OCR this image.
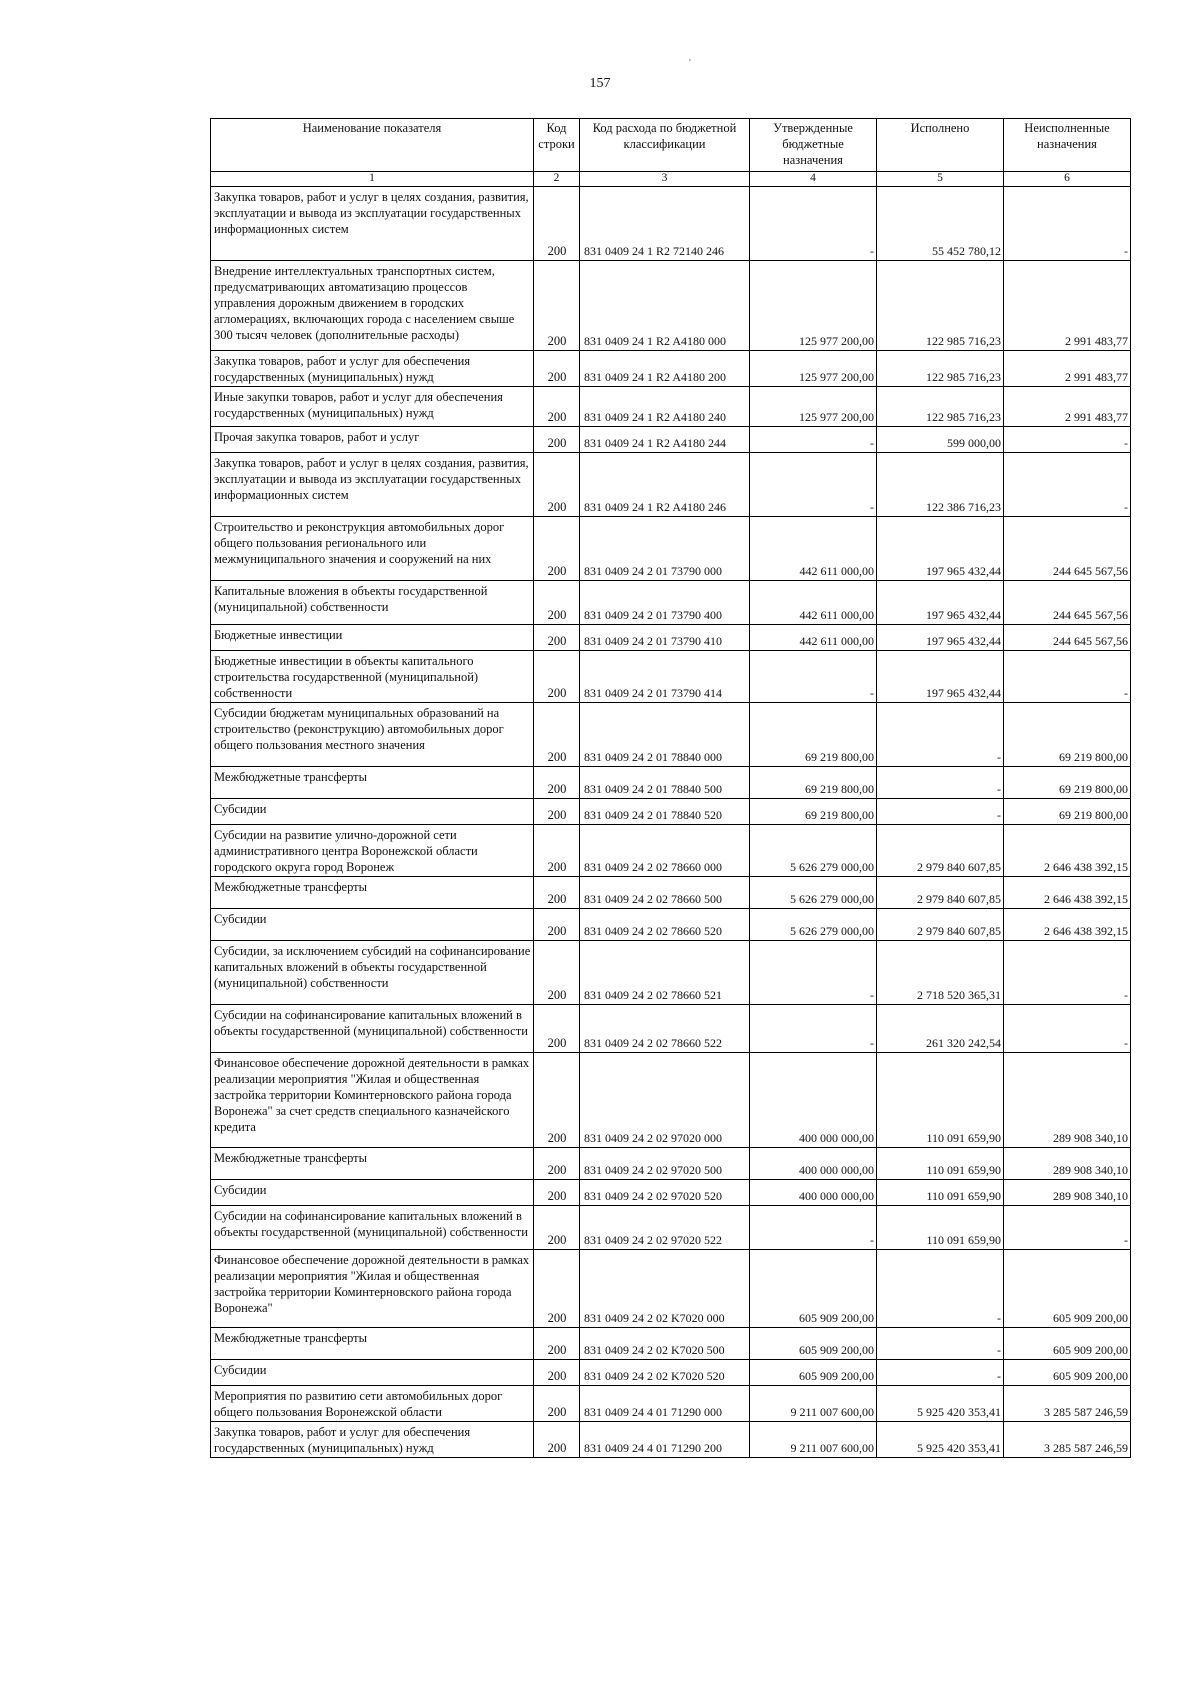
'
157
Наименование показателя	Код строки	Код расхода по бюджетной классификации	Утвержденные бюджетные назначения	Исполнено	Неисполненные назначения
1	2	3	4	5	6
Закупка товаров, работ и услуг в целях создания, развития, эксплуатации и вывода из эксплуатации государственных информационных систем	200	831 0409 24 1 R2 72140 246	-	55 452 780,12	-
Внедрение интеллектуальных транспортных систем, предусматривающих автоматизацию процессов управления дорожным движением в городских агломерациях, включающих города с населением свыше 300 тысяч человек (дополнительные расходы)	200	831 0409 24 1 R2 A4180 000	125 977 200,00	122 985 716,23	2 991 483,77
Закупка товаров, работ и услуг для обеспечения государственных (муниципальных) нужд	200	831 0409 24 1 R2 A4180 200	125 977 200,00	122 985 716,23	2 991 483,77
Иные закупки товаров, работ и услуг для обеспечения государственных (муниципальных) нужд	200	831 0409 24 1 R2 A4180 240	125 977 200,00	122 985 716,23	2 991 483,77
Прочая закупка товаров, работ и услуг	200	831 0409 24 1 R2 A4180 244	-	599 000,00	-
Закупка товаров, работ и услуг в целях создания, развития, эксплуатации и вывода из эксплуатации государственных информационных систем	200	831 0409 24 1 R2 A4180 246	-	122 386 716,23	-
Строительство и реконструкция автомобильных дорог общего пользования регионального или межмуниципального значения и сооружений на них	200	831 0409 24 2 01 73790 000	442 611 000,00	197 965 432,44	244 645 567,56
Капитальные вложения в объекты государственной (муниципальной) собственности	200	831 0409 24 2 01 73790 400	442 611 000,00	197 965 432,44	244 645 567,56
Бюджетные инвестиции	200	831 0409 24 2 01 73790 410	442 611 000,00	197 965 432,44	244 645 567,56
Бюджетные инвестиции в объекты капитального строительства государственной (муниципальной) собственности	200	831 0409 24 2 01 73790 414	-	197 965 432,44	-
Субсидии бюджетам муниципальных образований на строительство (реконструкцию) автомобильных дорог общего пользования местного значения	200	831 0409 24 2 01 78840 000	69 219 800,00	-	69 219 800,00
Межбюджетные трансферты	200	831 0409 24 2 01 78840 500	69 219 800,00	-	69 219 800,00
Субсидии	200	831 0409 24 2 01 78840 520	69 219 800,00	-	69 219 800,00
Субсидии на развитие улично-дорожной сети административного центра Воронежской области городского округа город Воронеж	200	831 0409 24 2 02 78660 000	5 626 279 000,00	2 979 840 607,85	2 646 438 392,15
Межбюджетные трансферты	200	831 0409 24 2 02 78660 500	5 626 279 000,00	2 979 840 607,85	2 646 438 392,15
Субсидии	200	831 0409 24 2 02 78660 520	5 626 279 000,00	2 979 840 607,85	2 646 438 392,15
Субсидии, за исключением субсидий на софинансирование капитальных вложений в объекты государственной (муниципальной) собственности	200	831 0409 24 2 02 78660 521	-	2 718 520 365,31	-
Субсидии на софинансирование капитальных вложений в объекты государственной (муниципальной) собственности	200	831 0409 24 2 02 78660 522	-	261 320 242,54	-
Финансовое обеспечение дорожной деятельности в рамках реализации мероприятия "Жилая и общественная застройка территории Коминтерновского района города Воронежа" за счет средств специального казначейского кредита	200	831 0409 24 2 02 97020 000	400 000 000,00	110 091 659,90	289 908 340,10
Межбюджетные трансферты	200	831 0409 24 2 02 97020 500	400 000 000,00	110 091 659,90	289 908 340,10
Субсидии	200	831 0409 24 2 02 97020 520	400 000 000,00	110 091 659,90	289 908 340,10
Субсидии на софинансирование капитальных вложений в объекты государственной (муниципальной) собственности	200	831 0409 24 2 02 97020 522	-	110 091 659,90	-
Финансовое обеспечение дорожной деятельности в рамках реализации мероприятия "Жилая и общественная застройка территории Коминтерновского района города Воронежа"	200	831 0409 24 2 02 K7020 000	605 909 200,00	-	605 909 200,00
Межбюджетные трансферты	200	831 0409 24 2 02 K7020 500	605 909 200,00	-	605 909 200,00
Субсидии	200	831 0409 24 2 02 K7020 520	605 909 200,00	-	605 909 200,00
Мероприятия по развитию сети автомобильных дорог общего пользования Воронежской области	200	831 0409 24 4 01 71290 000	9 211 007 600,00	5 925 420 353,41	3 285 587 246,59
Закупка товаров, работ и услуг для обеспечения государственных (муниципальных) нужд	200	831 0409 24 4 01 71290 200	9 211 007 600,00	5 925 420 353,41	3 285 587 246,59
